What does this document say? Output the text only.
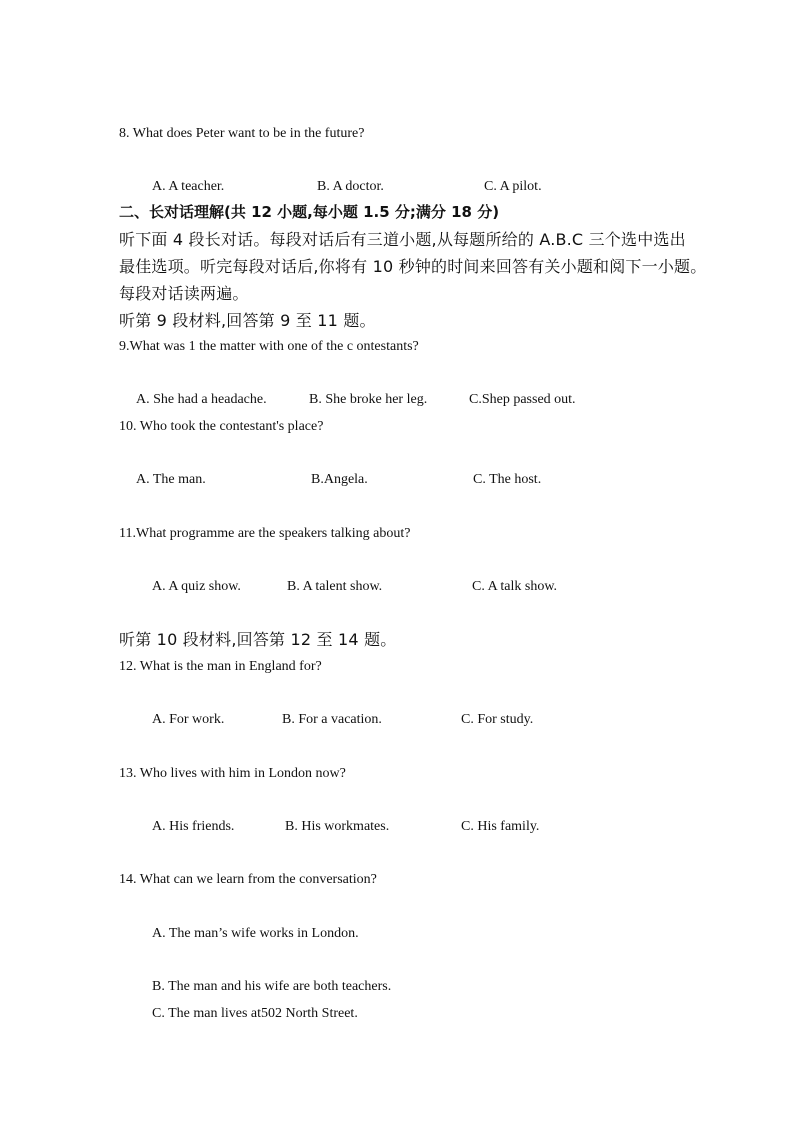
8. What does Peter want to be in the future?
A. A teacher.	B. A doctor.	C. A pilot.
二、长对话理解(共 12 小题,每小题 1.5 分;满分 18 分)
听下面 4 段长对话。每段对话后有三道小题,从每题所给的 A.B.C 三个选中选出
最佳选项。听完每段对话后,你将有 10 秒钟的时间来回答有关小题和阅下一小题。
每段对话读两遍。
听第 9 段材料,回答第 9 至 11 题。
9.What was 1 the matter with one of the c ontestants?
A. She had a headache.	B. She broke her leg.	C.Shep passed out.
10. Who took the contestant's place?
A. The man.	B.Angela.	C. The host.
11.What programme are the speakers talking about?
A. A quiz show.	B. A talent show.	C. A talk show.
听第 10 段材料,回答第 12 至 14 题。
12. What is the man in England for?
A. For work.	B. For a vacation.	C. For study.
13. Who lives with him in London now?
A. His friends.	B. His workmates.	C. His family.
14. What can we learn from the conversation?
A. The man’s wife works in London.
B. The man and his wife are both teachers.
C. The man lives at502 North Street.
